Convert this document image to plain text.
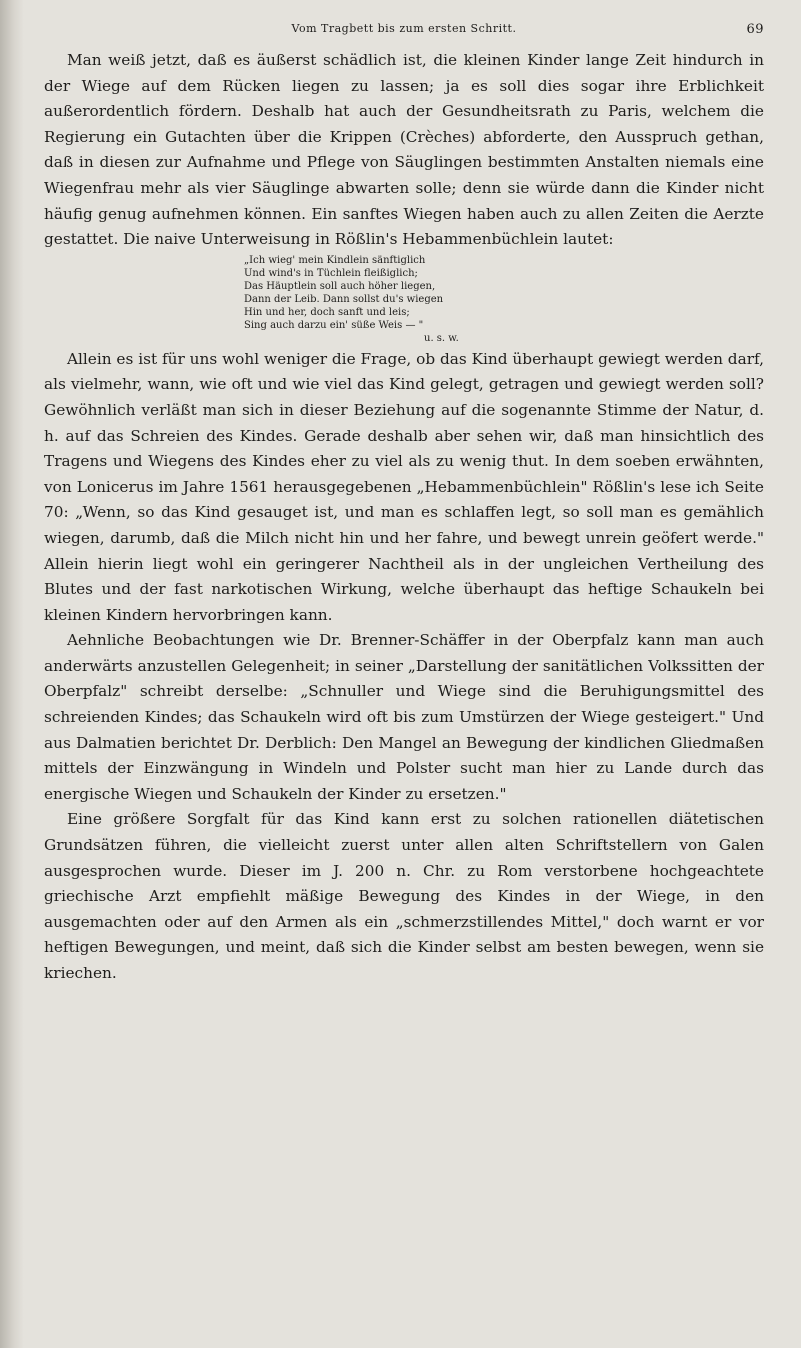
Vom Tragbett bis zum ersten Schritt.	69

Man weiß jetzt, daß es äußerst schädlich ist, die kleinen Kinder lange Zeit hindurch in der Wiege auf dem Rücken liegen zu lassen; ja es soll dies sogar ihre Erblichkeit außerordentlich fördern. Deshalb hat auch der Gesundheitsrath zu Paris, welchem die Regierung ein Gutachten über die Krippen (Crèches) abforderte, den Ausspruch gethan, daß in diesen zur Aufnahme und Pflege von Säuglingen bestimmten Anstalten niemals eine Wiegenfrau mehr als vier Säuglinge abwarten solle; denn sie würde dann die Kinder nicht häufig genug aufnehmen können. Ein sanftes Wiegen haben auch zu allen Zeiten die Aerzte gestattet. Die naive Unterweisung in Rößlin's Hebammenbüchlein lautet:

„Ich wieg' mein Kindlein sänftiglich
Und wind's in Tüchlein fleißiglich;
Das Häuptlein soll auch höher liegen,
Dann der Leib. Dann sollst du's wiegen
Hin und her, doch sanft und leis;
Sing auch darzu ein' süße Weis — "
u. s. w.

Allein es ist für uns wohl weniger die Frage, ob das Kind überhaupt gewiegt werden darf, als vielmehr, wann, wie oft und wie viel das Kind gelegt, getragen und gewiegt werden soll? Gewöhnlich verläßt man sich in dieser Beziehung auf die sogenannte Stimme der Natur, d. h. auf das Schreien des Kindes. Gerade deshalb aber sehen wir, daß man hinsichtlich des Tragens und Wiegens des Kindes eher zu viel als zu wenig thut. In dem soeben erwähnten, von Lonicerus im Jahre 1561 herausgegebenen „Hebammenbüchlein" Rößlin's lese ich Seite 70: „Wenn, so das Kind gesauget ist, und man es schlaffen legt, so soll man es gemählich wiegen, darumb, daß die Milch nicht hin und her fahre, und bewegt unrein geöfert werde." Allein hierin liegt wohl ein geringerer Nachtheil als in der ungleichen Vertheilung des Blutes und der fast narkotischen Wirkung, welche überhaupt das heftige Schaukeln bei kleinen Kindern hervorbringen kann.

Aehnliche Beobachtungen wie Dr. Brenner-Schäffer in der Oberpfalz kann man auch anderwärts anzustellen Gelegenheit; in seiner „Darstellung der sanitätlichen Volkssitten der Oberpfalz" schreibt derselbe: „Schnuller und Wiege sind die Beruhigungsmittel des schreienden Kindes; das Schaukeln wird oft bis zum Umstürzen der Wiege gesteigert." Und aus Dalmatien berichtet Dr. Derblich: Den Mangel an Bewegung der kindlichen Gliedmaßen mittels der Einzwängung in Windeln und Polster sucht man hier zu Lande durch das energische Wiegen und Schaukeln der Kinder zu ersetzen."

Eine größere Sorgfalt für das Kind kann erst zu solchen rationellen diätetischen Grundsätzen führen, die vielleicht zuerst unter allen alten Schriftstellern von Galen ausgesprochen wurde. Dieser im J. 200 n. Chr. zu Rom verstorbene hochgeachtete griechische Arzt empfiehlt mäßige Bewegung des Kindes in der Wiege, in den ausgemachten oder auf den Armen als ein „schmerzstillendes Mittel," doch warnt er vor heftigen Bewegungen, und meint, daß sich die Kinder selbst am besten bewegen, wenn sie kriechen.
